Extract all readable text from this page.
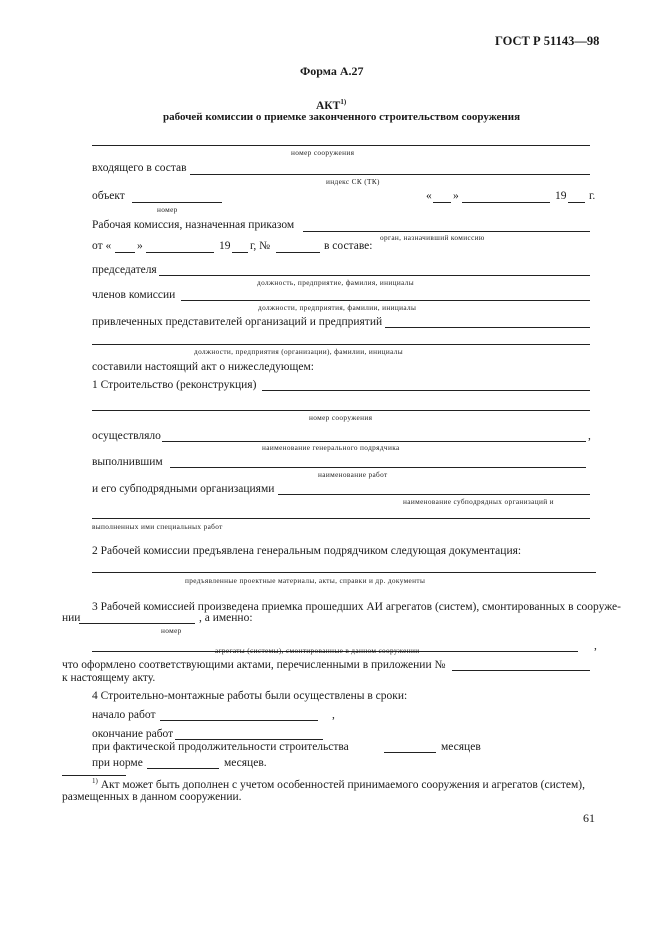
ГОСТ Р 51143—98
Форма А.27
АКТ$^{1)}$
рабочей комиссии о приемке законченного строительством сооружения
номер сооружения
входящего в состав
индекс СК (ТК)
объект
номер
« »	19 г.
Рабочая комиссия, назначенная приказом
орган, назначивший комиссию
от « »	19 г, №	в составе:
председателя
должность, предприятие, фамилия, инициалы
членов комиссии
должности, предприятия, фамилии, инициалы
привлеченных представителей организаций и предприятий
должности, предприятия (организации), фамилии, инициалы
составили настоящий акт о нижеследующем:
1 Строительство (реконструкция)
номер сооружения
осуществляло	,
наименование генерального подрядчика
выполнившим
наименование работ
и его субподрядными организациями
наименование субподрядных организаций и
выполненных ими специальных работ
2 Рабочей комиссии предъявлена генеральным подрядчиком следующая документация:
предъявленные проектные материалы, акты, справки и др. документы
3 Рабочей комиссией произведена приемка прошедших АИ агрегатов (систем), смонтированных в сооруже-
нии	, а именно:
номер
,
агрегаты (системы), смонтированные в данном сооружении
что оформлено соответствующими актами, перечисленными в приложении №
к настоящему акту.
4 Строительно-монтажные работы были осуществлены в сроки:
начало работ	,
окончание работ
при фактической продолжительности строительства	месяцев
при норме	месяцев.
$^{1)}$ Акт может быть дополнен с учетом особенностей принимаемого сооружения и агрегатов (систем),
размещенных в данном сооружении.
61
